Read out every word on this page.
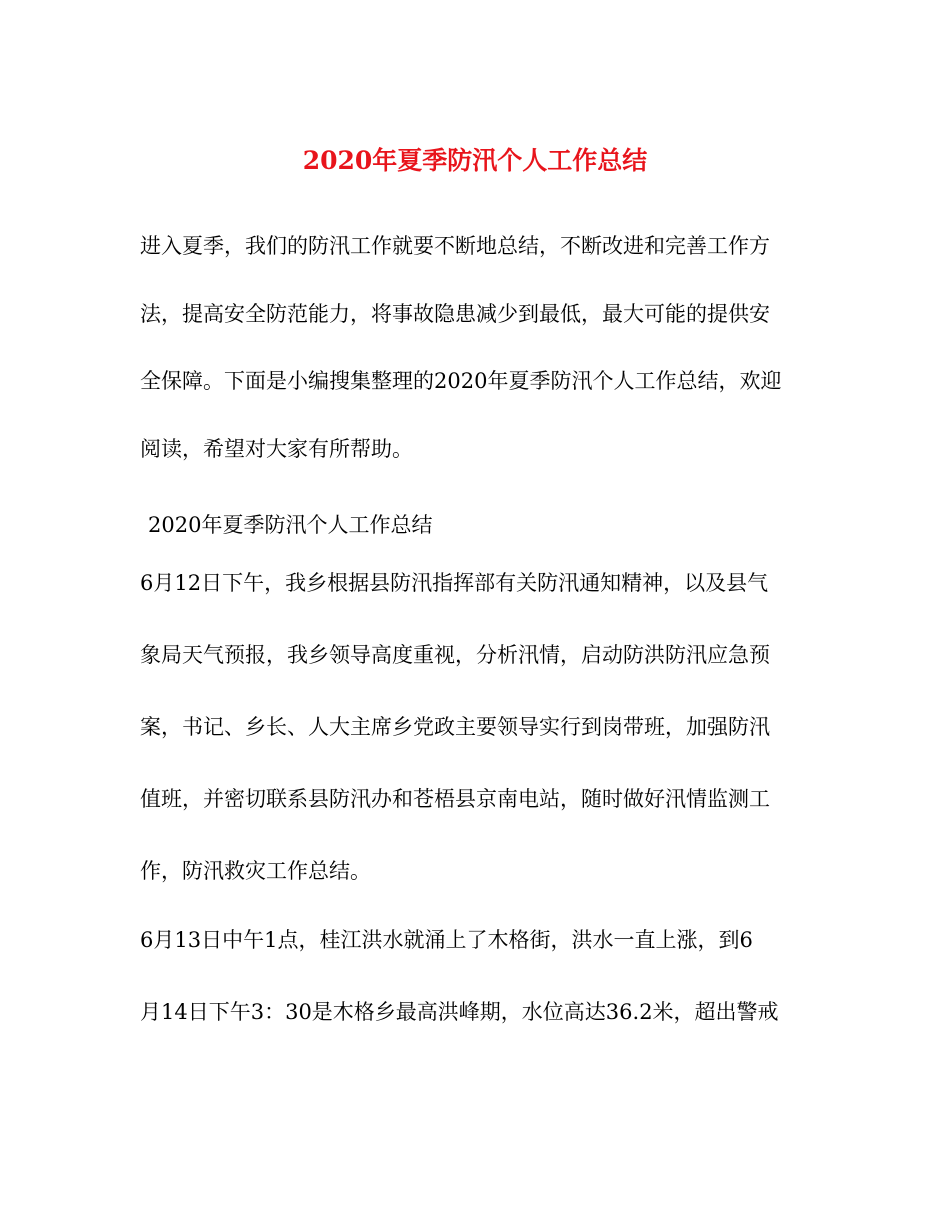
2020年夏季防汛个人工作总结
进入夏季，我们的防汛工作就要不断地总结，不断改进和完善工作方
法，提高安全防范能力，将事故隐患减少到最低，最大可能的提供安
全保障。下面是小编搜集整理的2020年夏季防汛个人工作总结，欢迎
阅读，希望对大家有所帮助。
2020年夏季防汛个人工作总结
6月12日下午，我乡根据县防汛指挥部有关防汛通知精神，以及县气
象局天气预报，我乡领导高度重视，分析汛情，启动防洪防汛应急预
案，书记、乡长、人大主席乡党政主要领导实行到岗带班，加强防汛
值班，并密切联系县防汛办和苍梧县京南电站，随时做好汛情监测工
作，防汛救灾工作总结。
6月13日中午1点，桂江洪水就涌上了木格街，洪水一直上涨，到6
月14日下午3：30是木格乡最高洪峰期，水位高达36.2米，超出警戒
